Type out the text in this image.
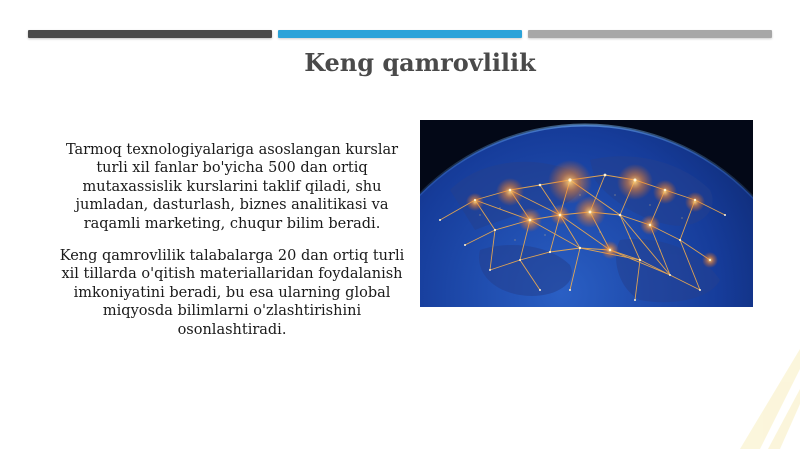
Keng qamrovlilik

Tarmoq texnologiyalariga asoslangan kurslar turli xil fanlar bo'yicha 500 dan ortiq mutaxassislik kurslarini taklif qiladi, shu jumladan, dasturlash, biznes analitikasi va raqamli marketing, chuqur bilim beradi.

Keng qamrovlilik talabalarga 20 dan ortiq turli xil tillarda o'qitish materiallaridan foydalanish imkoniyatini beradi, bu esa ularning global miqyosda bilimlarni o'zlashtirishini osonlashtiradi.
